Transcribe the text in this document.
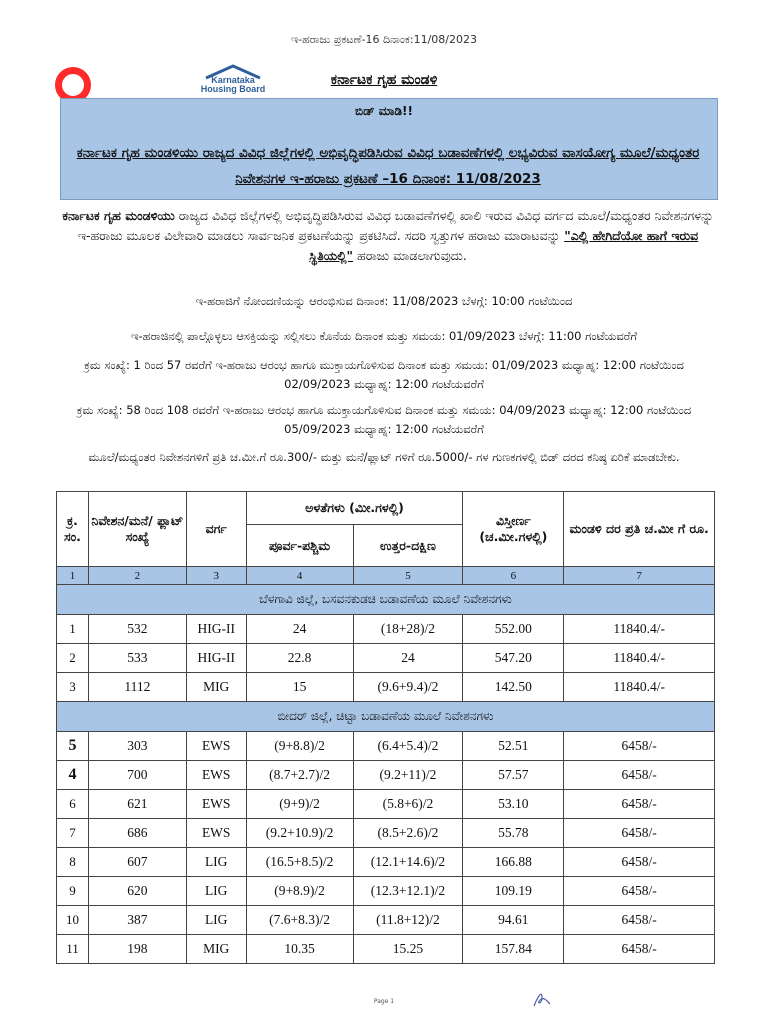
ಇ-ಹರಾಜು ಪ್ರಕಟಣೆ-16 ದಿನಾಂಕ:11/08/2023
Karnataka Housing Board
ಕರ್ನಾಟಕ ಗೃಹ ಮಂಡಳಿ
ಬಿಡ್ ಮಾಡಿ!!
ಕರ್ನಾಟಕ ಗೃಹ ಮಂಡಳಿಯು ರಾಜ್ಯದ ವಿವಿಧ ಜಿಲ್ಲೆಗಳಲ್ಲಿ ಅಭಿವೃದ್ಧಿಪಡಿಸಿರುವ ವಿವಿಧ ಬಡಾವಣೆಗಳಲ್ಲಿ ಲಭ್ಯವಿರುವ ವಾಸಯೋಗ್ಯ ಮೂಲೆ/ಮಧ್ಯಂತರ ನಿವೇಶನಗಳ ಇ-ಹರಾಜು ಪ್ರಕಟಣೆ –16 ದಿನಾಂಕ: 11/08/2023
ಕರ್ನಾಟಕ ಗೃಹ ಮಂಡಳಿಯು ರಾಜ್ಯದ ವಿವಿಧ ಜಿಲ್ಲೆಗಳಲ್ಲಿ ಅಭಿವೃದ್ಧಿಪಡಿಸಿರುವ ವಿವಿಧ ಬಡಾವಣೆಗಳಲ್ಲಿ ಖಾಲಿ ಇರುವ ವಿವಿಧ ವರ್ಗದ ಮೂಲೆ/ಮಧ್ಯಂತರ ನಿವೇಶನಗಳನ್ನು ಇ-ಹರಾಜು ಮೂಲಕ ವಿಲೇವಾರಿ ಮಾಡಲು ಸಾರ್ವಜನಿಕ ಪ್ರಕಟಣೆಯನ್ನು ಪ್ರಕಟಿಸಿದೆ. ಸದರಿ ಸ್ವತ್ತುಗಳ ಹರಾಜು ಮಾರಾಟವನ್ನು "ಎಲ್ಲಿ ಹೇಗಿದೆಯೋ ಹಾಗೆ ಇರುವ ಸ್ಥಿತಿಯಲ್ಲಿ" ಹರಾಜು ಮಾಡಲಾಗುವುದು.
ಇ-ಹರಾಜಿಗೆ ನೋಂದಣಿಯನ್ನು ಆರಂಭಿಸುವ ದಿನಾಂಕ: 11/08/2023 ಬೆಳಗ್ಗೆ: 10:00 ಗಂಟೆಯಿಂದ
ಇ-ಹರಾಜಿನಲ್ಲಿ ಪಾಲ್ಗೊಳ್ಳಲು ಆಸಕ್ತಿಯನ್ನು ಸಲ್ಲಿಸಲು ಕೊನೆಯ ದಿನಾಂಕ ಮತ್ತು ಸಮಯ: 01/09/2023 ಬೆಳಗ್ಗೆ: 11:00 ಗಂಟೆಯವರೆಗೆ
ಕ್ರಮ ಸಂಖ್ಯೆ: 1 ರಿಂದ 57 ರವರೆಗೆ ಇ-ಹರಾಜು ಆರಂಭ ಹಾಗೂ ಮುಕ್ತಾಯಗೊಳಿಸುವ ದಿನಾಂಕ ಮತ್ತು ಸಮಯ: 01/09/2023 ಮಧ್ಯಾಹ್ನ: 12:00 ಗಂಟೆಯಿಂದ 02/09/2023 ಮಧ್ಯಾಹ್ನ: 12:00 ಗಂಟೆಯವರೆಗೆ
ಕ್ರಮ ಸಂಖ್ಯೆ: 58 ರಿಂದ 108 ರವರೆಗೆ ಇ-ಹರಾಜು ಆರಂಭ ಹಾಗೂ ಮುಕ್ತಾಯಗೊಳಿಸುವ ದಿನಾಂಕ ಮತ್ತು ಸಮಯ: 04/09/2023 ಮಧ್ಯಾಹ್ನ: 12:00 ಗಂಟೆಯಿಂದ 05/09/2023 ಮಧ್ಯಾಹ್ನ: 12:00 ಗಂಟೆಯವರೆಗೆ
ಮೂಲೆ/ಮಧ್ಯಂತರ ನಿವೇಶನಗಳಿಗೆ ಪ್ರತಿ ಚ.ಮೀ.ಗೆ ರೂ.300/- ಮತ್ತು ಮನೆ/ಫ್ಲಾಟ್ ಗಳಿಗೆ ರೂ.5000/- ಗಳ ಗುಣಕಗಳಲ್ಲಿ ಬಿಡ್ ದರದ ಕನಿಷ್ಠ ಏರಿಕೆ ಮಾಡಬೇಕು.
ಕ್ರ. ಸಂ.	ನಿವೇಶನ/ಮನೆ/ ಫ್ಲಾಟ್ ಸಂಖ್ಯೆ	ವರ್ಗ	ಅಳತೆಗಳು (ಮೀ.ಗಳಲ್ಲಿ)		ವಿಸ್ತೀರ್ಣ (ಚ.ಮೀ.ಗಳಲ್ಲಿ)	ಮಂಡಳಿ ದರ ಪ್ರತಿ ಚ.ಮೀ ಗೆ ರೂ.
			ಪೂರ್ವ-ಪಶ್ಚಿಮ	ಉತ್ತರ-ದಕ್ಷಿಣ		
1	2	3	4	5	6	7
ಬೆಳಗಾವಿ ಜಿಲ್ಲೆ, ಬಸವನಕುಡಚಿ ಬಡಾವಣೆಯ ಮೂಲೆ ನಿವೇಶನಗಳು						
1	532	HIG-II	24	(18+28)/2	552.00	11840.4/-
2	533	HIG-II	22.8	24	547.20	11840.4/-
3	1112	MIG	15	(9.6+9.4)/2	142.50	11840.4/-
ಬೀದರ್ ಜಿಲ್ಲೆ, ಚಿಟ್ಟಾ ಬಡಾವಣೆಯ ಮೂಲೆ ನಿವೇಶನಗಳು						
5	303	EWS	(9+8.8)/2	(6.4+5.4)/2	52.51	6458/-
4	700	EWS	(8.7+2.7)/2	(9.2+11)/2	57.57	6458/-
6	621	EWS	(9+9)/2	(5.8+6)/2	53.10	6458/-
7	686	EWS	(9.2+10.9)/2	(8.5+2.6)/2	55.78	6458/-
8	607	LIG	(16.5+8.5)/2	(12.1+14.6)/2	166.88	6458/-
9	620	LIG	(9+8.9)/2	(12.3+12.1)/2	109.19	6458/-
10	387	LIG	(7.6+8.3)/2	(11.8+12)/2	94.61	6458/-
11	198	MIG	10.35	15.25	157.84	6458/-
Page 1
